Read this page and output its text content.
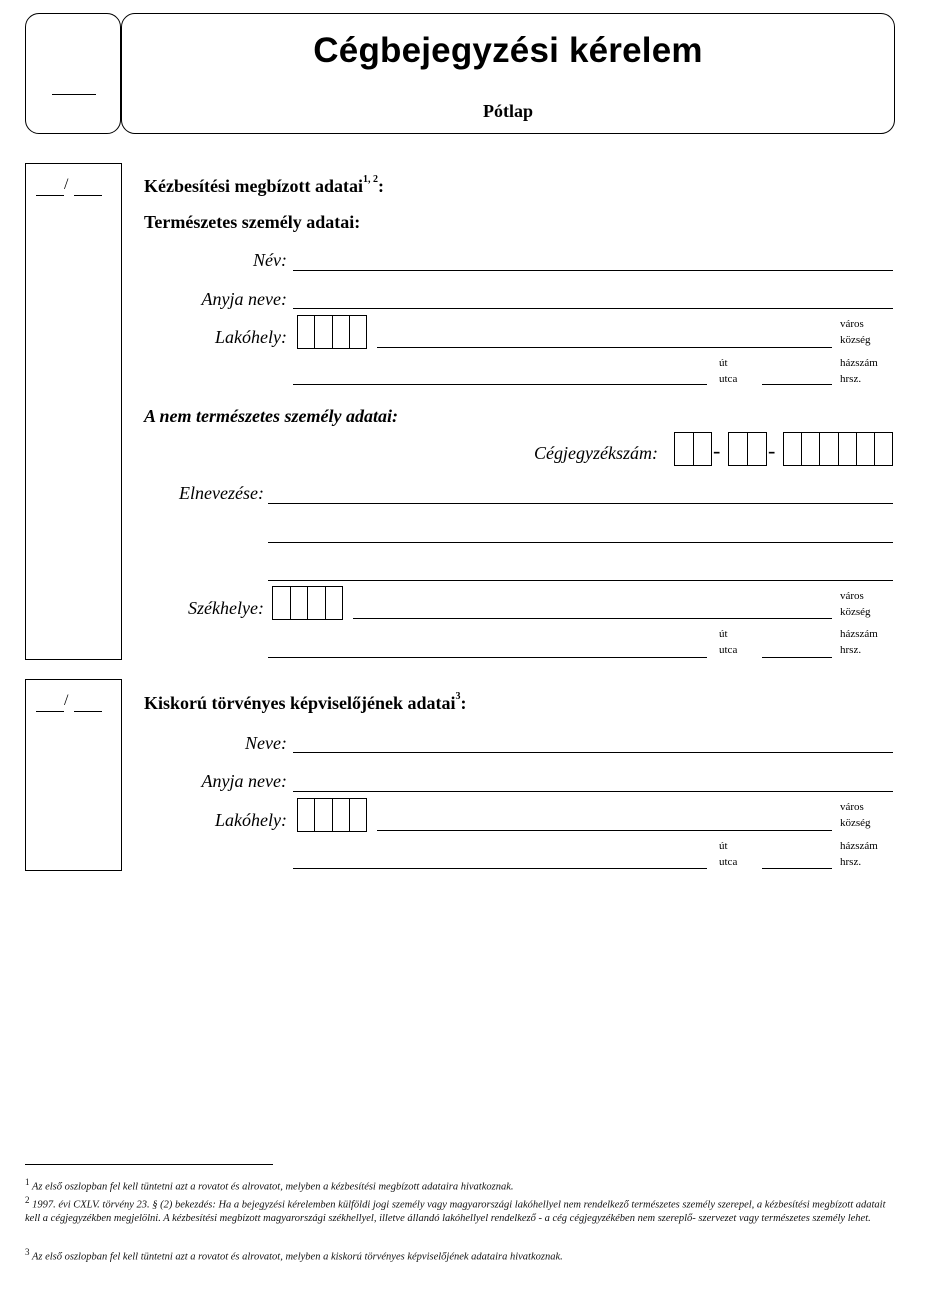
Cégbejegyzési kérelem
Pótlap
/	Kézbesítési megbízott adatai$^{1, 2}$:
Természetes személy adatai:
Név:
Anyja neve:
Lakóhely:
város
község
út
utca
házszám
hrsz.
A nem természetes személy adatai:
Cégjegyzékszám:	- -
Elnevezése:
Székhelye:
város
község
út
utca
házszám
hrsz.
/	Kiskorú törvényes képviselőjének adatai$^3$:
Neve:
Anyja neve:
Lakóhely:
város
község
út
utca
házszám
hrsz.
$^1$ Az első oszlopban fel kell tüntetni azt a rovatot és alrovatot, melyben a kézbesítési megbízott adataira hivatkoznak.
$^2$ 1997. évi CXLV. törvény 23. § (2) bekezdés: Ha a bejegyzési kérelemben külföldi jogi személy vagy magyarországi lakóhellyel nem rendelkező természetes személy szerepel, a kézbesítési megbízott adatait kell a cégjegyzékben megjelölni. A kézbesítési megbízott magyarországi székhellyel, illetve állandó lakóhellyel rendelkező - a cég cégjegyzékében nem szereplő- szervezet vagy természetes személy lehet.
$^3$ Az első oszlopban fel kell tüntetni azt a rovatot és alrovatot, melyben a kiskorú törvényes képviselőjének adataira hivatkoznak.
